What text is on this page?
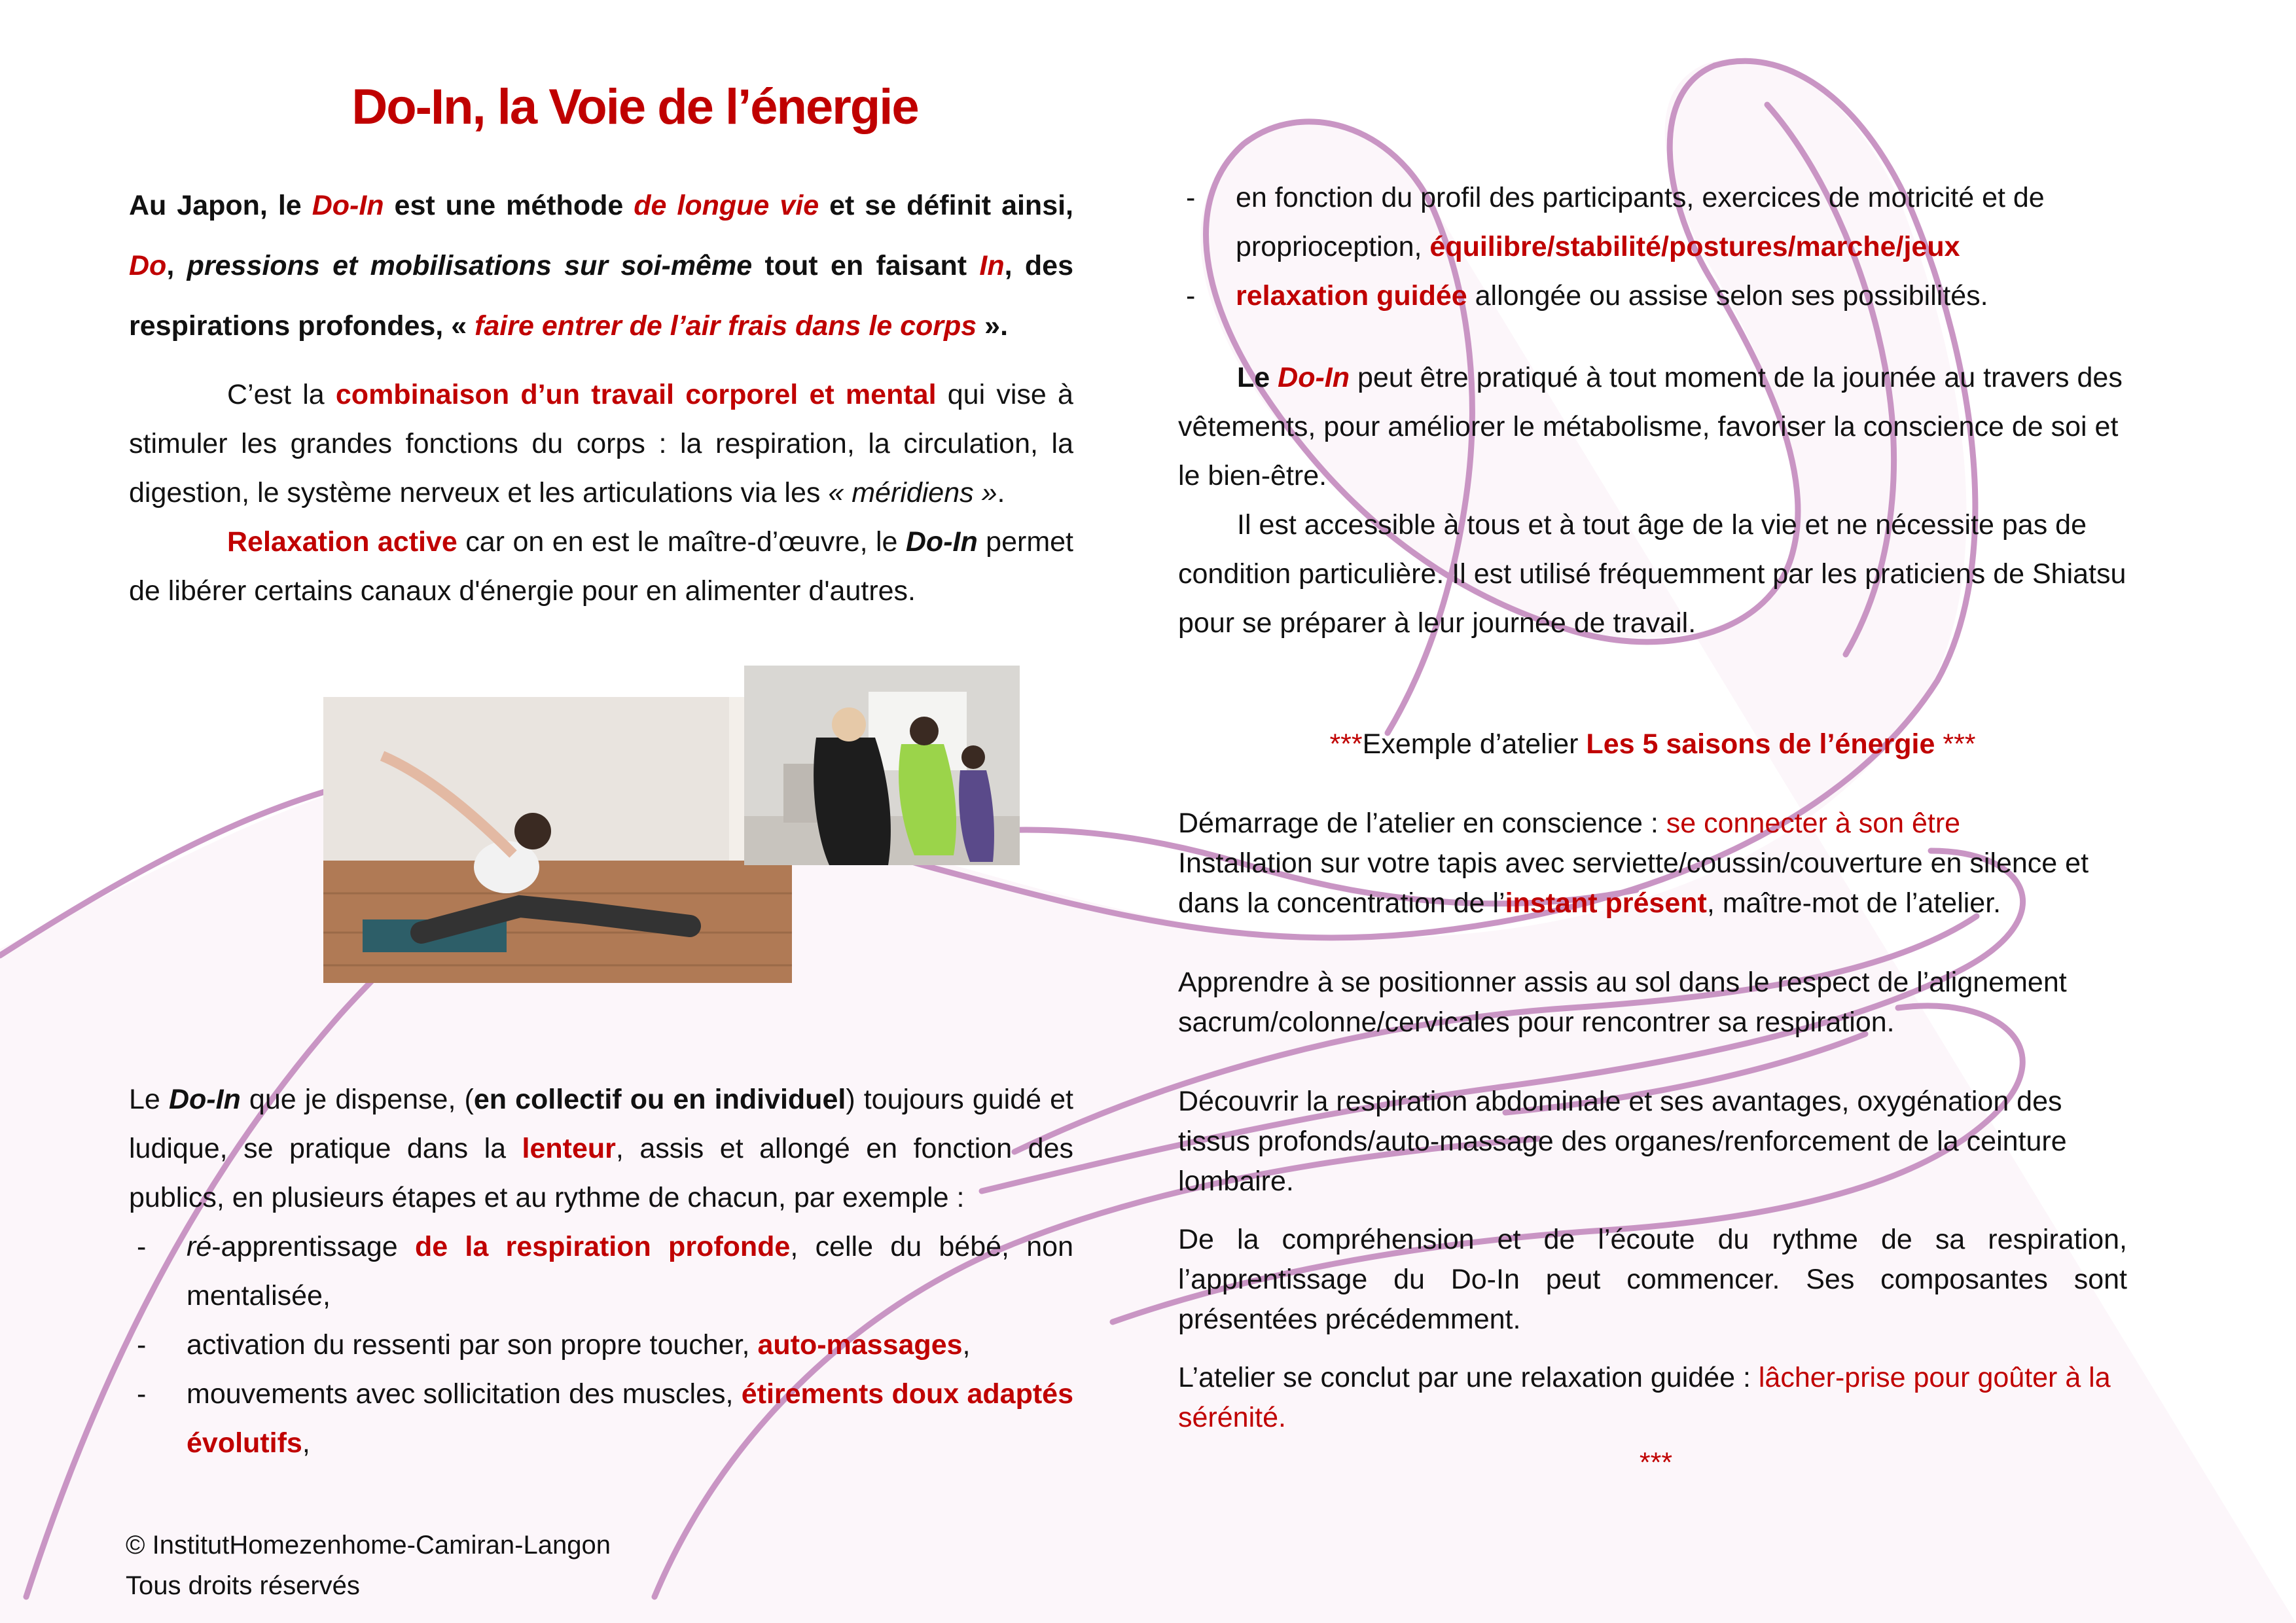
Do-In, la Voie de l’énergie

Au Japon, le Do-In est une méthode de longue vie et se définit ainsi, Do, pressions et mobilisations sur soi-même tout en faisant In, des respirations profondes, « faire entrer de l’air frais dans le corps ».

C’est la combinaison d’un travail corporel et mental qui vise à stimuler les grandes fonctions du corps : la respiration, la circulation, la digestion, le système nerveux et les articulations via les « méridiens ».

Relaxation active car on en est le maître-d’œuvre, le Do-In permet de libérer certains canaux d'énergie pour en alimenter d'autres.

Le Do-In que je dispense, (en collectif ou en individuel) toujours guidé et ludique, se pratique dans la lenteur, assis et allongé en fonction des publics, en plusieurs étapes et au rythme de chacun, par exemple :

- ré-apprentissage de la respiration profonde, celle du bébé, non mentalisée,

- activation du ressenti par son propre toucher, auto-massages,

- mouvements avec sollicitation des muscles, étirements doux adaptés évolutifs,

- en fonction du profil des participants, exercices de motricité et de proprioception, équilibre/stabilité/postures/marche/jeux

- relaxation guidée allongée ou assise selon ses possibilités.

Le Do-In peut être pratiqué à tout moment de la journée au travers des vêtements, pour améliorer le métabolisme, favoriser la conscience de soi et le bien-être.

Il est accessible à tous et à tout âge de la vie et ne nécessite pas de condition particulière. Il est utilisé fréquemment par les praticiens de Shiatsu pour se préparer à leur journée de travail.

***Exemple d’atelier Les 5 saisons de l’énergie ***

Démarrage de l’atelier en conscience : se connecter à son être

Installation sur votre tapis avec serviette/coussin/couverture en silence et dans la concentration de l’instant présent, maître-mot de l’atelier.

Apprendre à se positionner assis au sol dans le respect de l’alignement sacrum/colonne/cervicales pour rencontrer sa respiration.

Découvrir la respiration abdominale et ses avantages, oxygénation des tissus profonds/auto-massage des organes/renforcement de la ceinture lombaire.

De la compréhension et de l’écoute du rythme de sa respiration, l’apprentissage du Do-In peut commencer. Ses composantes sont présentées précédemment.

L’atelier se conclut par une relaxation guidée : lâcher-prise pour goûter à la sérénité.

***

© InstitutHomezenhome-Camiran-Langon
Tous droits réservés
